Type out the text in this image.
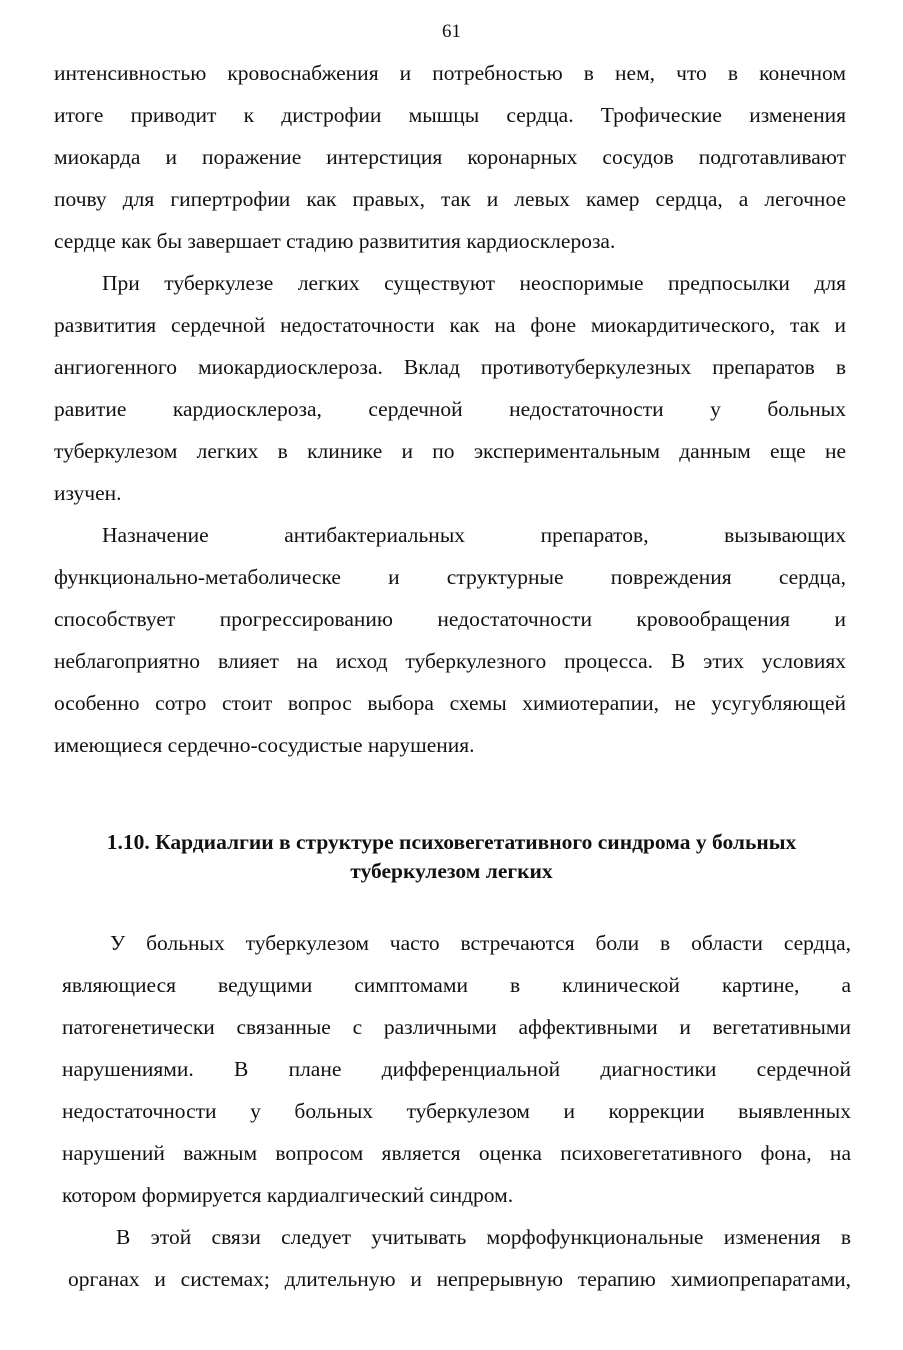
61
интенсивностью кровоснабжения и потребностью в нем, что в конечном
итоге приводит к дистрофии мышцы сердца. Трофические изменения
миокарда и поражение интерстиция коронарных сосудов подготавливают
почву для гипертрофии как правых, так и левых камер сердца, а легочное
сердце как бы завершает стадию развитития кардиосклероза.
При туберкулезе легких существуют неоспоримые предпосылки для
развитития сердечной недостаточности как на фоне миокардитического, так и
ангиогенного миокардиосклероза. Вклад противотуберкулезных препаратов в
равитие кардиосклероза, сердечной недостаточности у больных
туберкулезом легких в клинике и по экспериментальным данным еще не
изучен.
Назначение антибактериальных препаратов, вызывающих
функционально-метаболическе и структурные повреждения сердца,
способствует прогрессированию недостаточности кровообращения и
неблагоприятно влияет на исход туберкулезного процесса. В этих условиях
особенно сотро стоит вопрос выбора схемы химиотерапии, не усугубляющей
имеющиеся сердечно-сосудистые нарушения.
1.10. Кардиалгии в структуре психовегетативного синдрома у больных
туберкулезом легких
У больных туберкулезом часто встречаются боли в области сердца,
являющиеся ведущими симптомами в клинической картине, а
патогенетически связанные с различными аффективными и вегетативными
нарушениями. В плане дифференциальной диагностики сердечной
недостаточности у больных туберкулезом и коррекции выявленных
нарушений важным вопросом является оценка психовегетативного фона, на
котором формируется кардиалгический синдром.
В этой связи следует учитывать морфофункциональные изменения в
органах и системах; длительную и непрерывную терапию химиопрепаратами,
